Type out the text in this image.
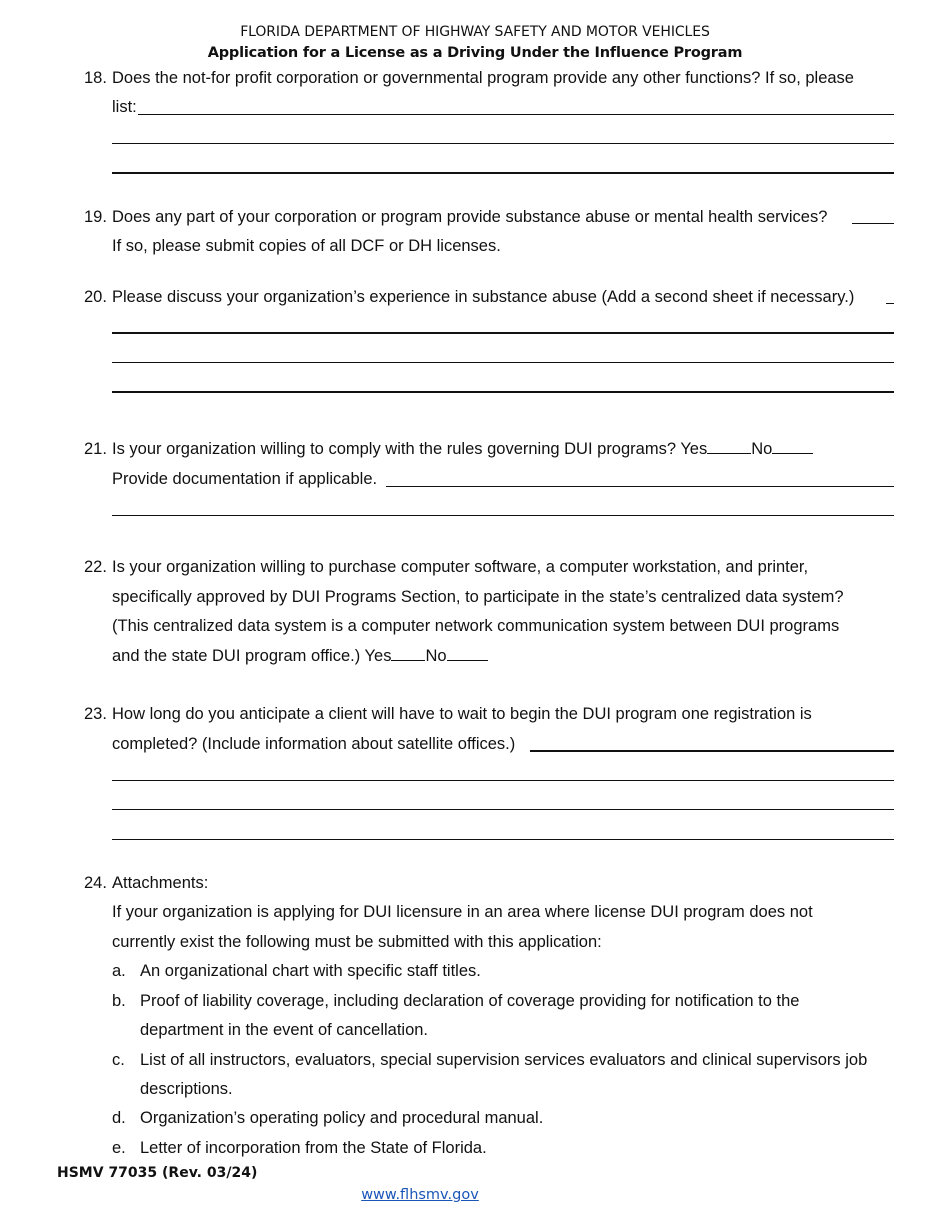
FLORIDA DEPARTMENT OF HIGHWAY SAFETY AND MOTOR VEHICLES
Application for a License as a Driving Under the Influence Program
18. Does the not-for profit corporation or governmental program provide any other functions? If so, please
list:
19. Does any part of your corporation or program provide substance abuse or mental health services?
If so, please submit copies of all DCF or DH licenses.
20. Please discuss your organization’s experience in substance abuse (Add a second sheet if necessary.)
21. Is your organization willing to comply with the rules governing DUI programs? Yes	No
Provide documentation if applicable.
22. Is your organization willing to purchase computer software, a computer workstation, and printer,
specifically approved by DUI Programs Section, to participate in the state’s centralized data system?
(This centralized data system is a computer network communication system between DUI programs
and the state DUI program office.) Yes No
23. How long do you anticipate a client will have to wait to begin the DUI program one registration is
completed? (Include information about satellite offices.)
24. Attachments:
If your organization is applying for DUI licensure in an area where license DUI program does not
currently exist the following must be submitted with this application:
a. An organizational chart with specific staff titles.
b. Proof of liability coverage, including declaration of coverage providing for notification to the
department in the event of cancellation.
c. List of all instructors, evaluators, special supervision services evaluators and clinical supervisors job
descriptions.
d. Organization’s operating policy and procedural manual.
e. Letter of incorporation from the State of Florida.
HSMV 77035 (Rev. 03/24)
www.flhsmv.gov
